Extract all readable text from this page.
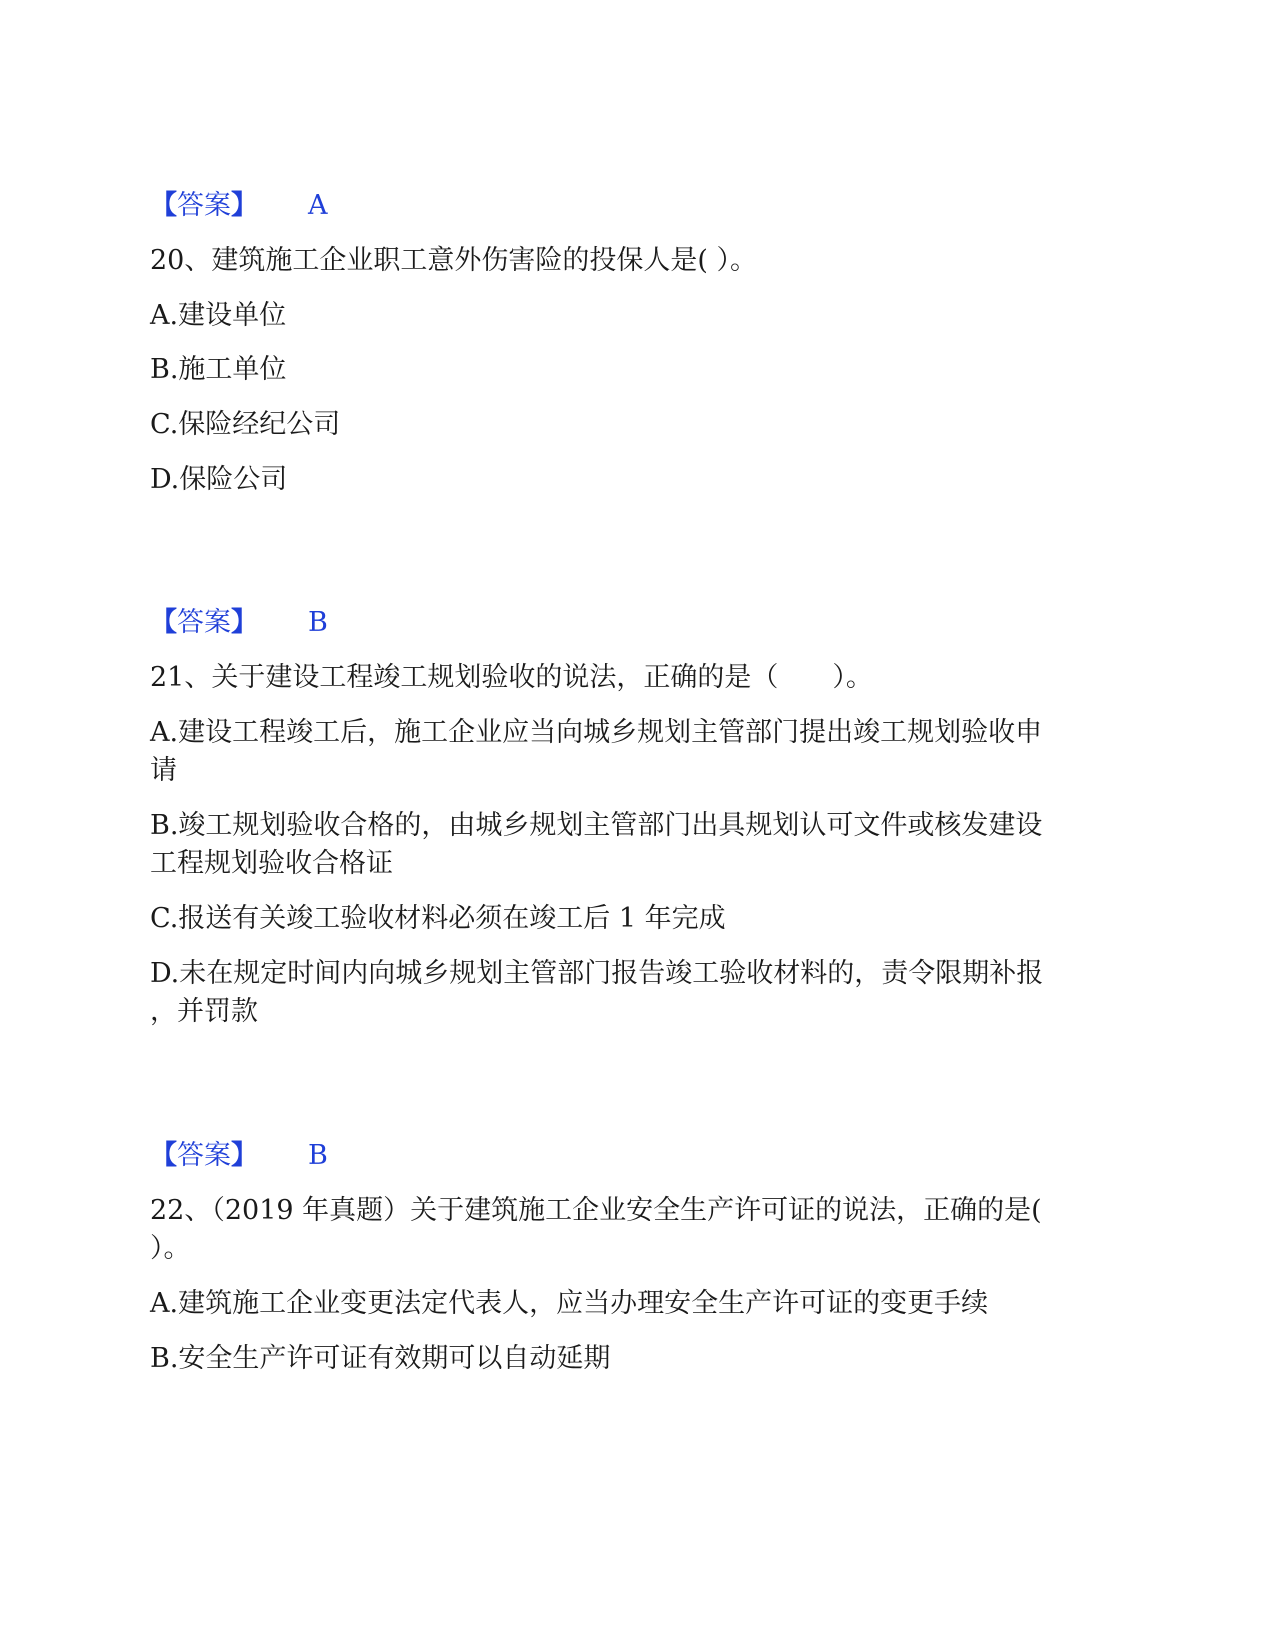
【答案】 A
20、建筑施工企业职工意外伤害险的投保人是( ）。
A.建设单位
B.施工单位
C.保险经纪公司
D.保险公司
【答案】 B
21、关于建设工程竣工规划验收的说法，正确的是（　　）。
A.建设工程竣工后，施工企业应当向城乡规划主管部门提出竣工规划验收申
请
B.竣工规划验收合格的，由城乡规划主管部门出具规划认可文件或核发建设
工程规划验收合格证
C.报送有关竣工验收材料必须在竣工后 1 年完成
D.未在规定时间内向城乡规划主管部门报告竣工验收材料的，责令限期补报
，并罚款
【答案】 B
22、（2019 年真题）关于建筑施工企业安全生产许可证的说法，正确的是(
）。
A.建筑施工企业变更法定代表人，应当办理安全生产许可证的变更手续
B.安全生产许可证有效期可以自动延期
